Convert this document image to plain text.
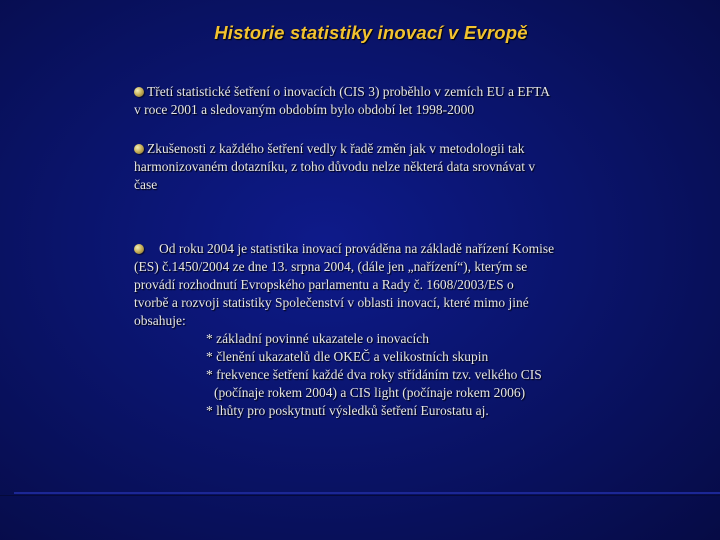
Historie statistiky inovací v Evropě
Třetí statistické šetření o inovacích (CIS 3) proběhlo v zemích EU a EFTA
v roce 2001 a sledovaným obdobím bylo období let 1998-2000
Zkušenosti z každého šetření vedly k řadě změn jak v metodologii tak
harmonizovaném dotazníku, z toho důvodu nelze některá data srovnávat v
čase
Od roku 2004 je statistika inovací prováděna na základě nařízení Komise
(ES) č.1450/2004 ze dne 13. srpna 2004, (dále jen „nařízení“), kterým se
provádí rozhodnutí Evropského parlamentu a Rady č. 1608/2003/ES o
tvorbě a rozvoji statistiky Společenství v oblasti inovací, které mimo jiné
obsahuje:
* základní povinné ukazatele o inovacích
* členění ukazatelů dle OKEČ a velikostních skupin
* frekvence šetření každé dva roky střídáním tzv. velkého CIS
(počínaje rokem 2004) a CIS light (počínaje rokem 2006)
* lhůty pro poskytnutí výsledků šetření Eurostatu aj.
